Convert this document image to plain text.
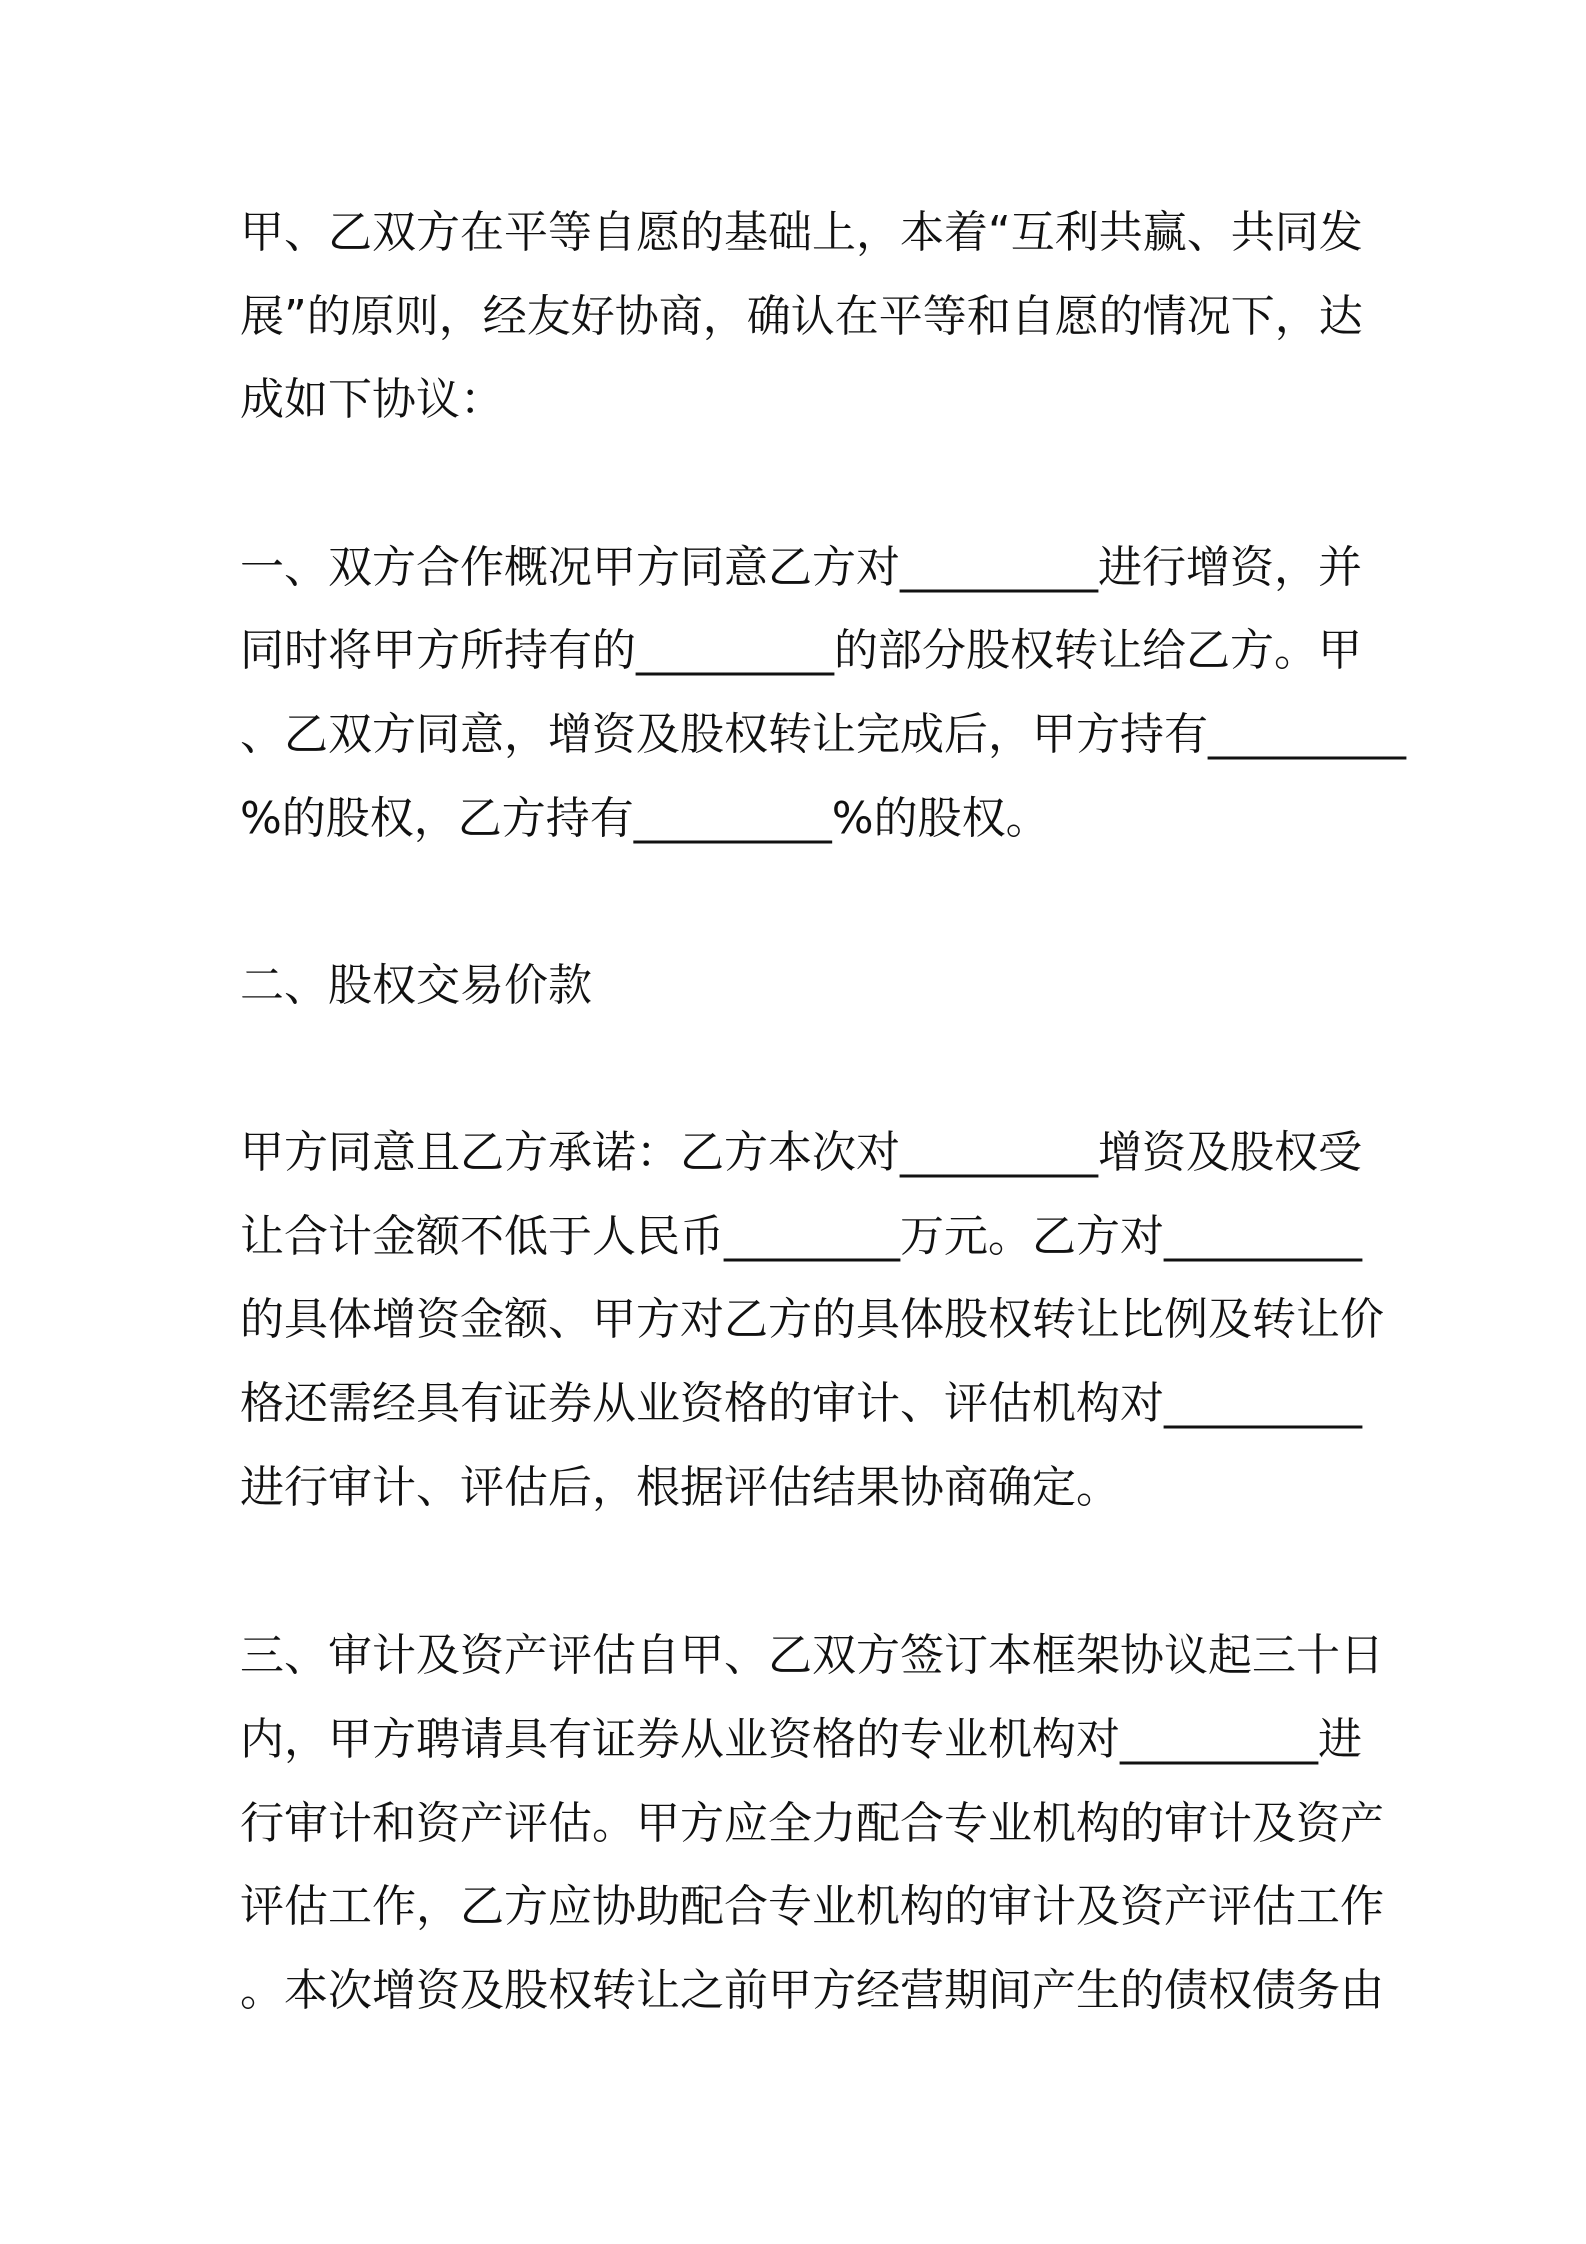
甲、乙双方在平等自愿的基础上，本着“互利共赢、共同发
展”的原则，经友好协商，确认在平等和自愿的情况下，达
成如下协议：
一、双方合作概况甲方同意乙方对_________进行增资，并
同时将甲方所持有的_________的部分股权转让给乙方。甲
、乙双方同意，增资及股权转让完成后，甲方持有_________
%的股权，乙方持有_________%的股权。
二、股权交易价款
甲方同意且乙方承诺：乙方本次对_________增资及股权受
让合计金额不低于人民币________万元。乙方对_________
的具体增资金额、甲方对乙方的具体股权转让比例及转让价
格还需经具有证券从业资格的审计、评估机构对_________
进行审计、评估后，根据评估结果协商确定。
三、审计及资产评估自甲、乙双方签订本框架协议起三十日
内，甲方聘请具有证券从业资格的专业机构对_________进
行审计和资产评估。甲方应全力配合专业机构的审计及资产
评估工作，乙方应协助配合专业机构的审计及资产评估工作
。本次增资及股权转让之前甲方经营期间产生的债权债务由
